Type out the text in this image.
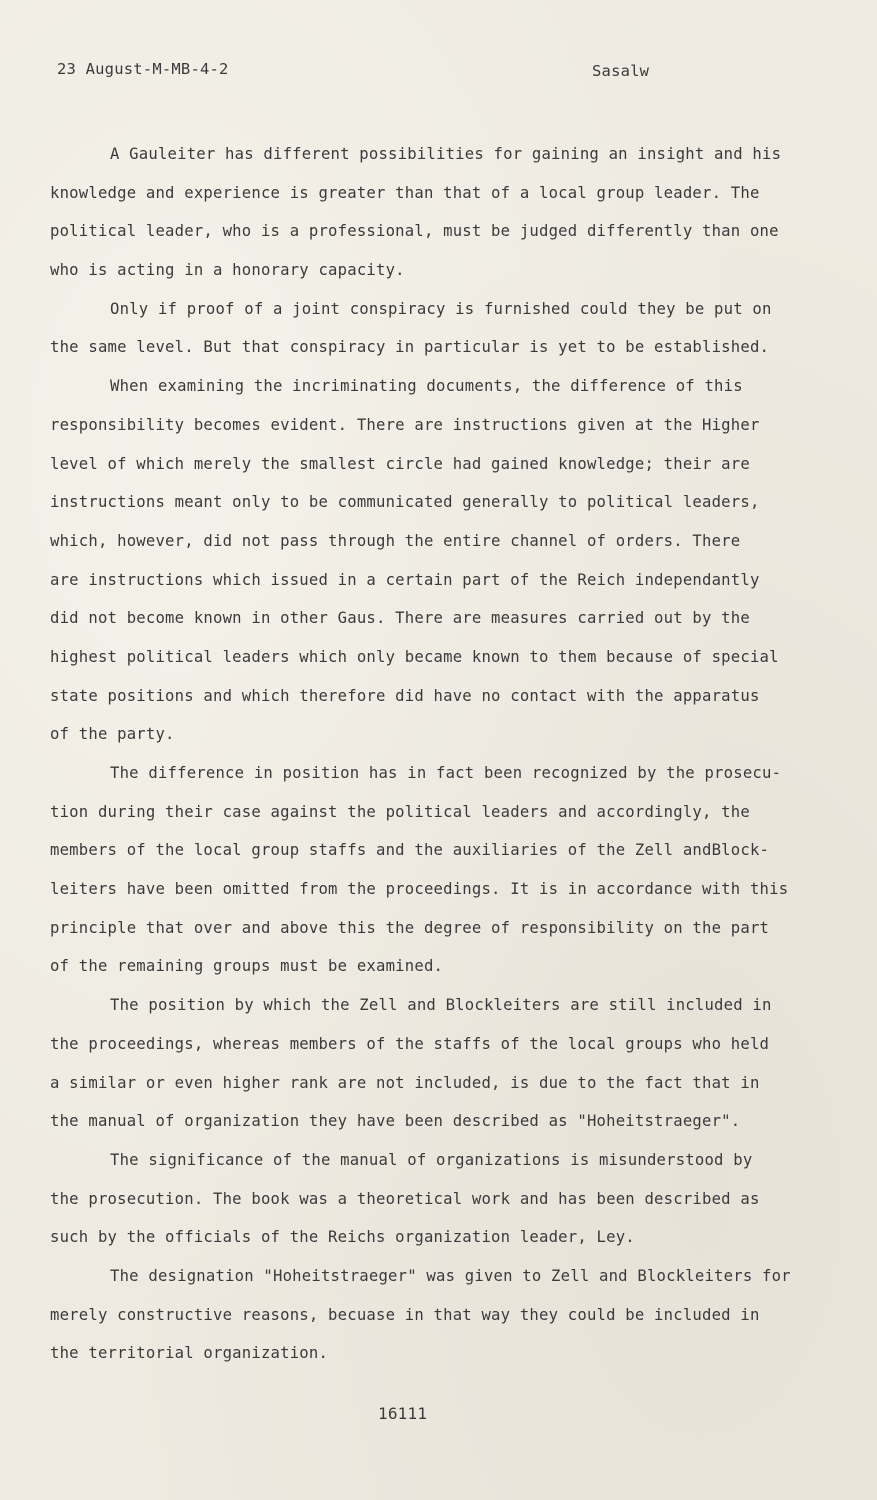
23 August-M-MB-4-2	Sasalw
A Gauleiter has different possibilities for gaining an insight and his
knowledge and experience is greater than that of a local group leader. The
political leader, who is a professional, must be judged differently than one
who is acting in a honorary capacity.
Only if proof of a joint conspiracy is furnished could they be put on
the same level. But that conspiracy in particular is yet to be established.
When examining the incriminating documents, the difference of this
responsibility becomes evident. There are instructions given at the Higher
level of which merely the smallest circle had gained knowledge; their are
instructions meant only to be communicated generally to political leaders,
which, however, did not pass through the entire channel of orders. There
are instructions which issued in a certain part of the Reich independantly
did not become known in other Gaus. There are measures carried out by the
highest political leaders which only became known to them because of special
state positions and which therefore did have no contact with the apparatus
of the party.
The difference in position has in fact been recognized by the prosecu-
tion during their case against the political leaders and accordingly, the
members of the local group staffs and the auxiliaries of the Zell andBlock-
leiters have been omitted from the proceedings. It is in accordance with this
principle that over and above this the degree of responsibility on the part
of the remaining groups must be examined.
The position by which the Zell and Blockleiters are still included in
the proceedings, whereas members of the staffs of the local groups who held
a similar or even higher rank are not included, is due to the fact that in
the manual of organization they have been described as "Hoheitstraeger".
The significance of the manual of organizations is misunderstood by
the prosecution. The book was a theoretical work and has been described as
such by the officials of the Reichs organization leader, Ley.
The designation "Hoheitstraeger" was given to Zell and Blockleiters for
merely constructive reasons, becuase in that way they could be included in
the territorial organization.
16111
